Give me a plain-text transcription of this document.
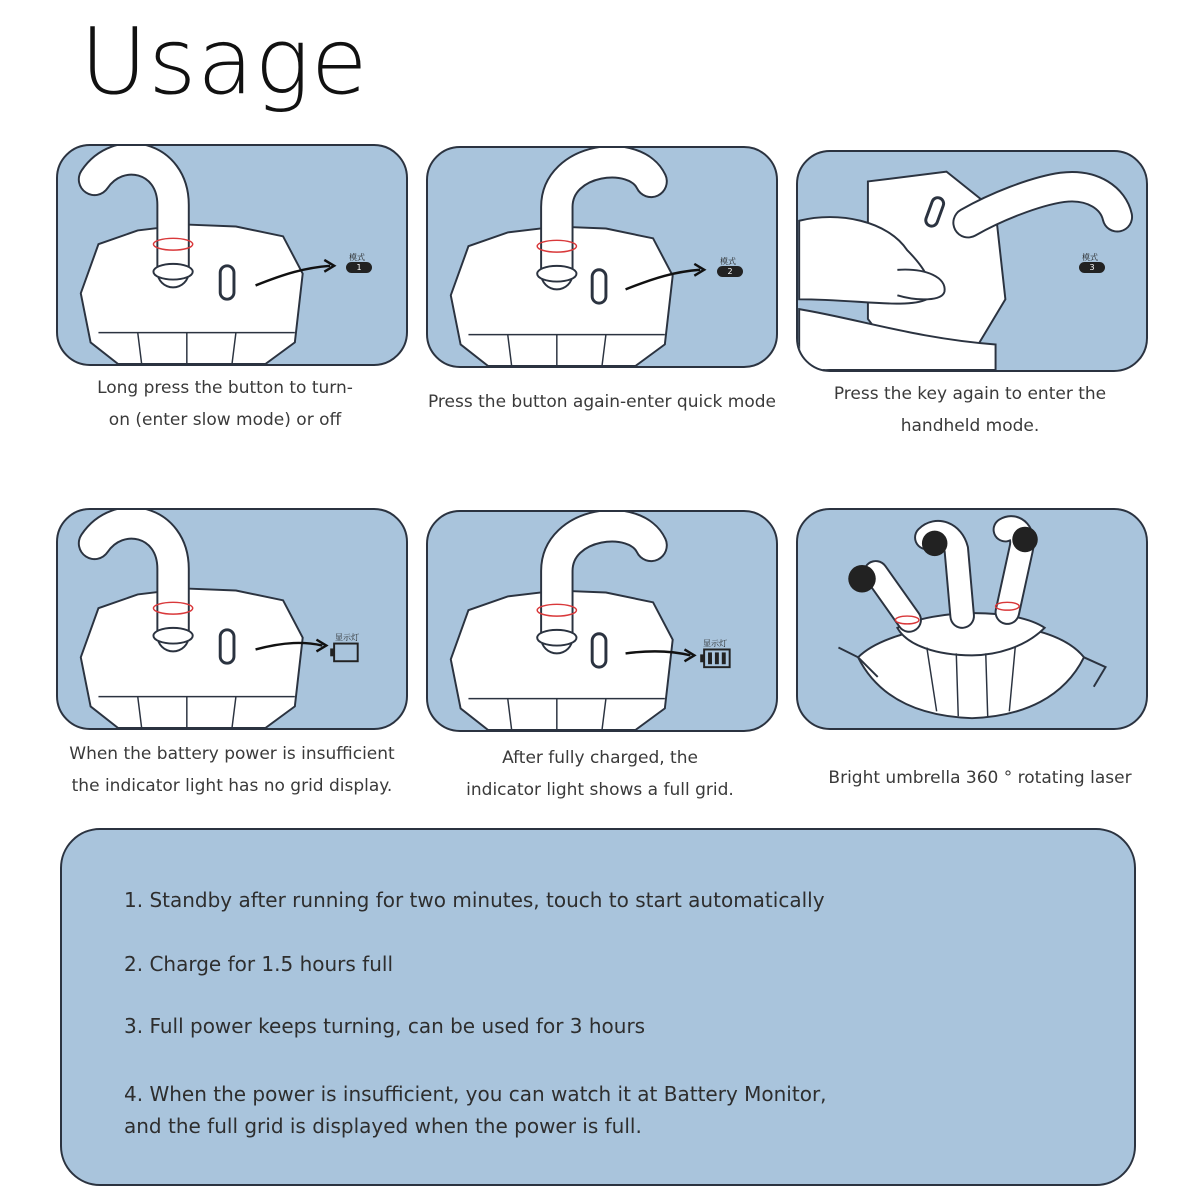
Usage
模式
1
模式
2
模式
3
显示灯
显示灯
Long press the button to turn-
on (enter slow mode) or off
Press the button again-enter quick mode	Press the key again to enter the
handheld mode.
When the battery power is insufficient
the indicator light has no grid display.
After fully charged, the
indicator light shows a full grid.
Bright umbrella 360 ° rotating laser
1. Standby after running for two minutes, touch to start automatically
2. Charge for 1.5 hours full
3. Full power keeps turning, can be used for 3 hours
4. When the power is insufficient, you can watch it at Battery Monitor,
and the full grid is displayed when the power is full.
